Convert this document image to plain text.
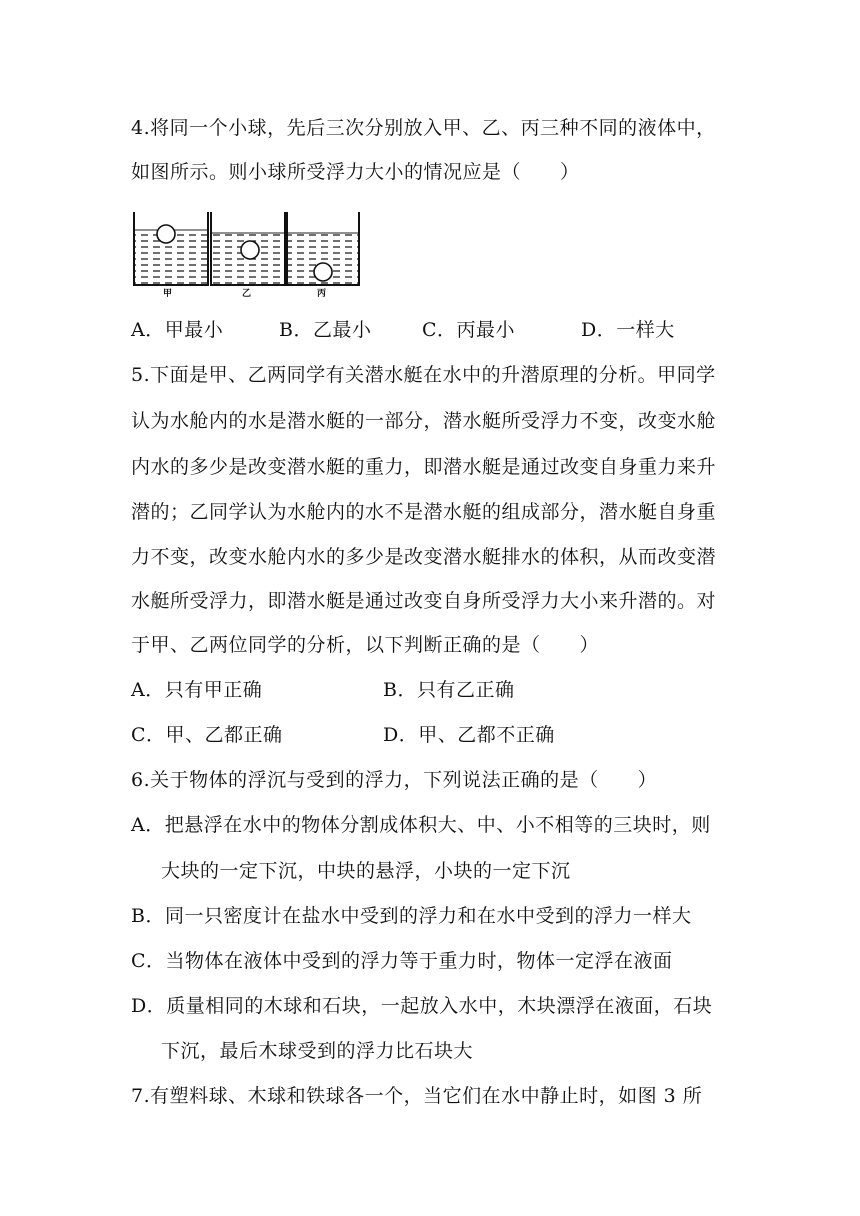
4.将同一个小球，先后三次分别放入甲、乙、丙三种不同的液体中，
如图所示。则小球所受浮力大小的情况应是（　　）
甲	乙	丙
A．甲最小	B．乙最小	C．丙最小	D．一样大
5.下面是甲、乙两同学有关潜水艇在水中的升潜原理的分析。甲同学
认为水舱内的水是潜水艇的一部分，潜水艇所受浮力不变，改变水舱
内水的多少是改变潜水艇的重力，即潜水艇是通过改变自身重力来升
潜的；乙同学认为水舱内的水不是潜水艇的组成部分，潜水艇自身重
力不变，改变水舱内水的多少是改变潜水艇排水的体积，从而改变潜
水艇所受浮力，即潜水艇是通过改变自身所受浮力大小来升潜的。对
于甲、乙两位同学的分析，以下判断正确的是（　　）
A．只有甲正确	B．只有乙正确
C．甲、乙都正确	D．甲、乙都不正确
6.关于物体的浮沉与受到的浮力，下列说法正确的是（　　）
A．把悬浮在水中的物体分割成体积大、中、小不相等的三块时，则
大块的一定下沉，中块的悬浮，小块的一定下沉
B．同一只密度计在盐水中受到的浮力和在水中受到的浮力一样大
C．当物体在液体中受到的浮力等于重力时，物体一定浮在液面
D．质量相同的木球和石块，一起放入水中，木块漂浮在液面，石块
下沉，最后木球受到的浮力比石块大
7.有塑料球、木球和铁球各一个，当它们在水中静止时，如图 3 所
